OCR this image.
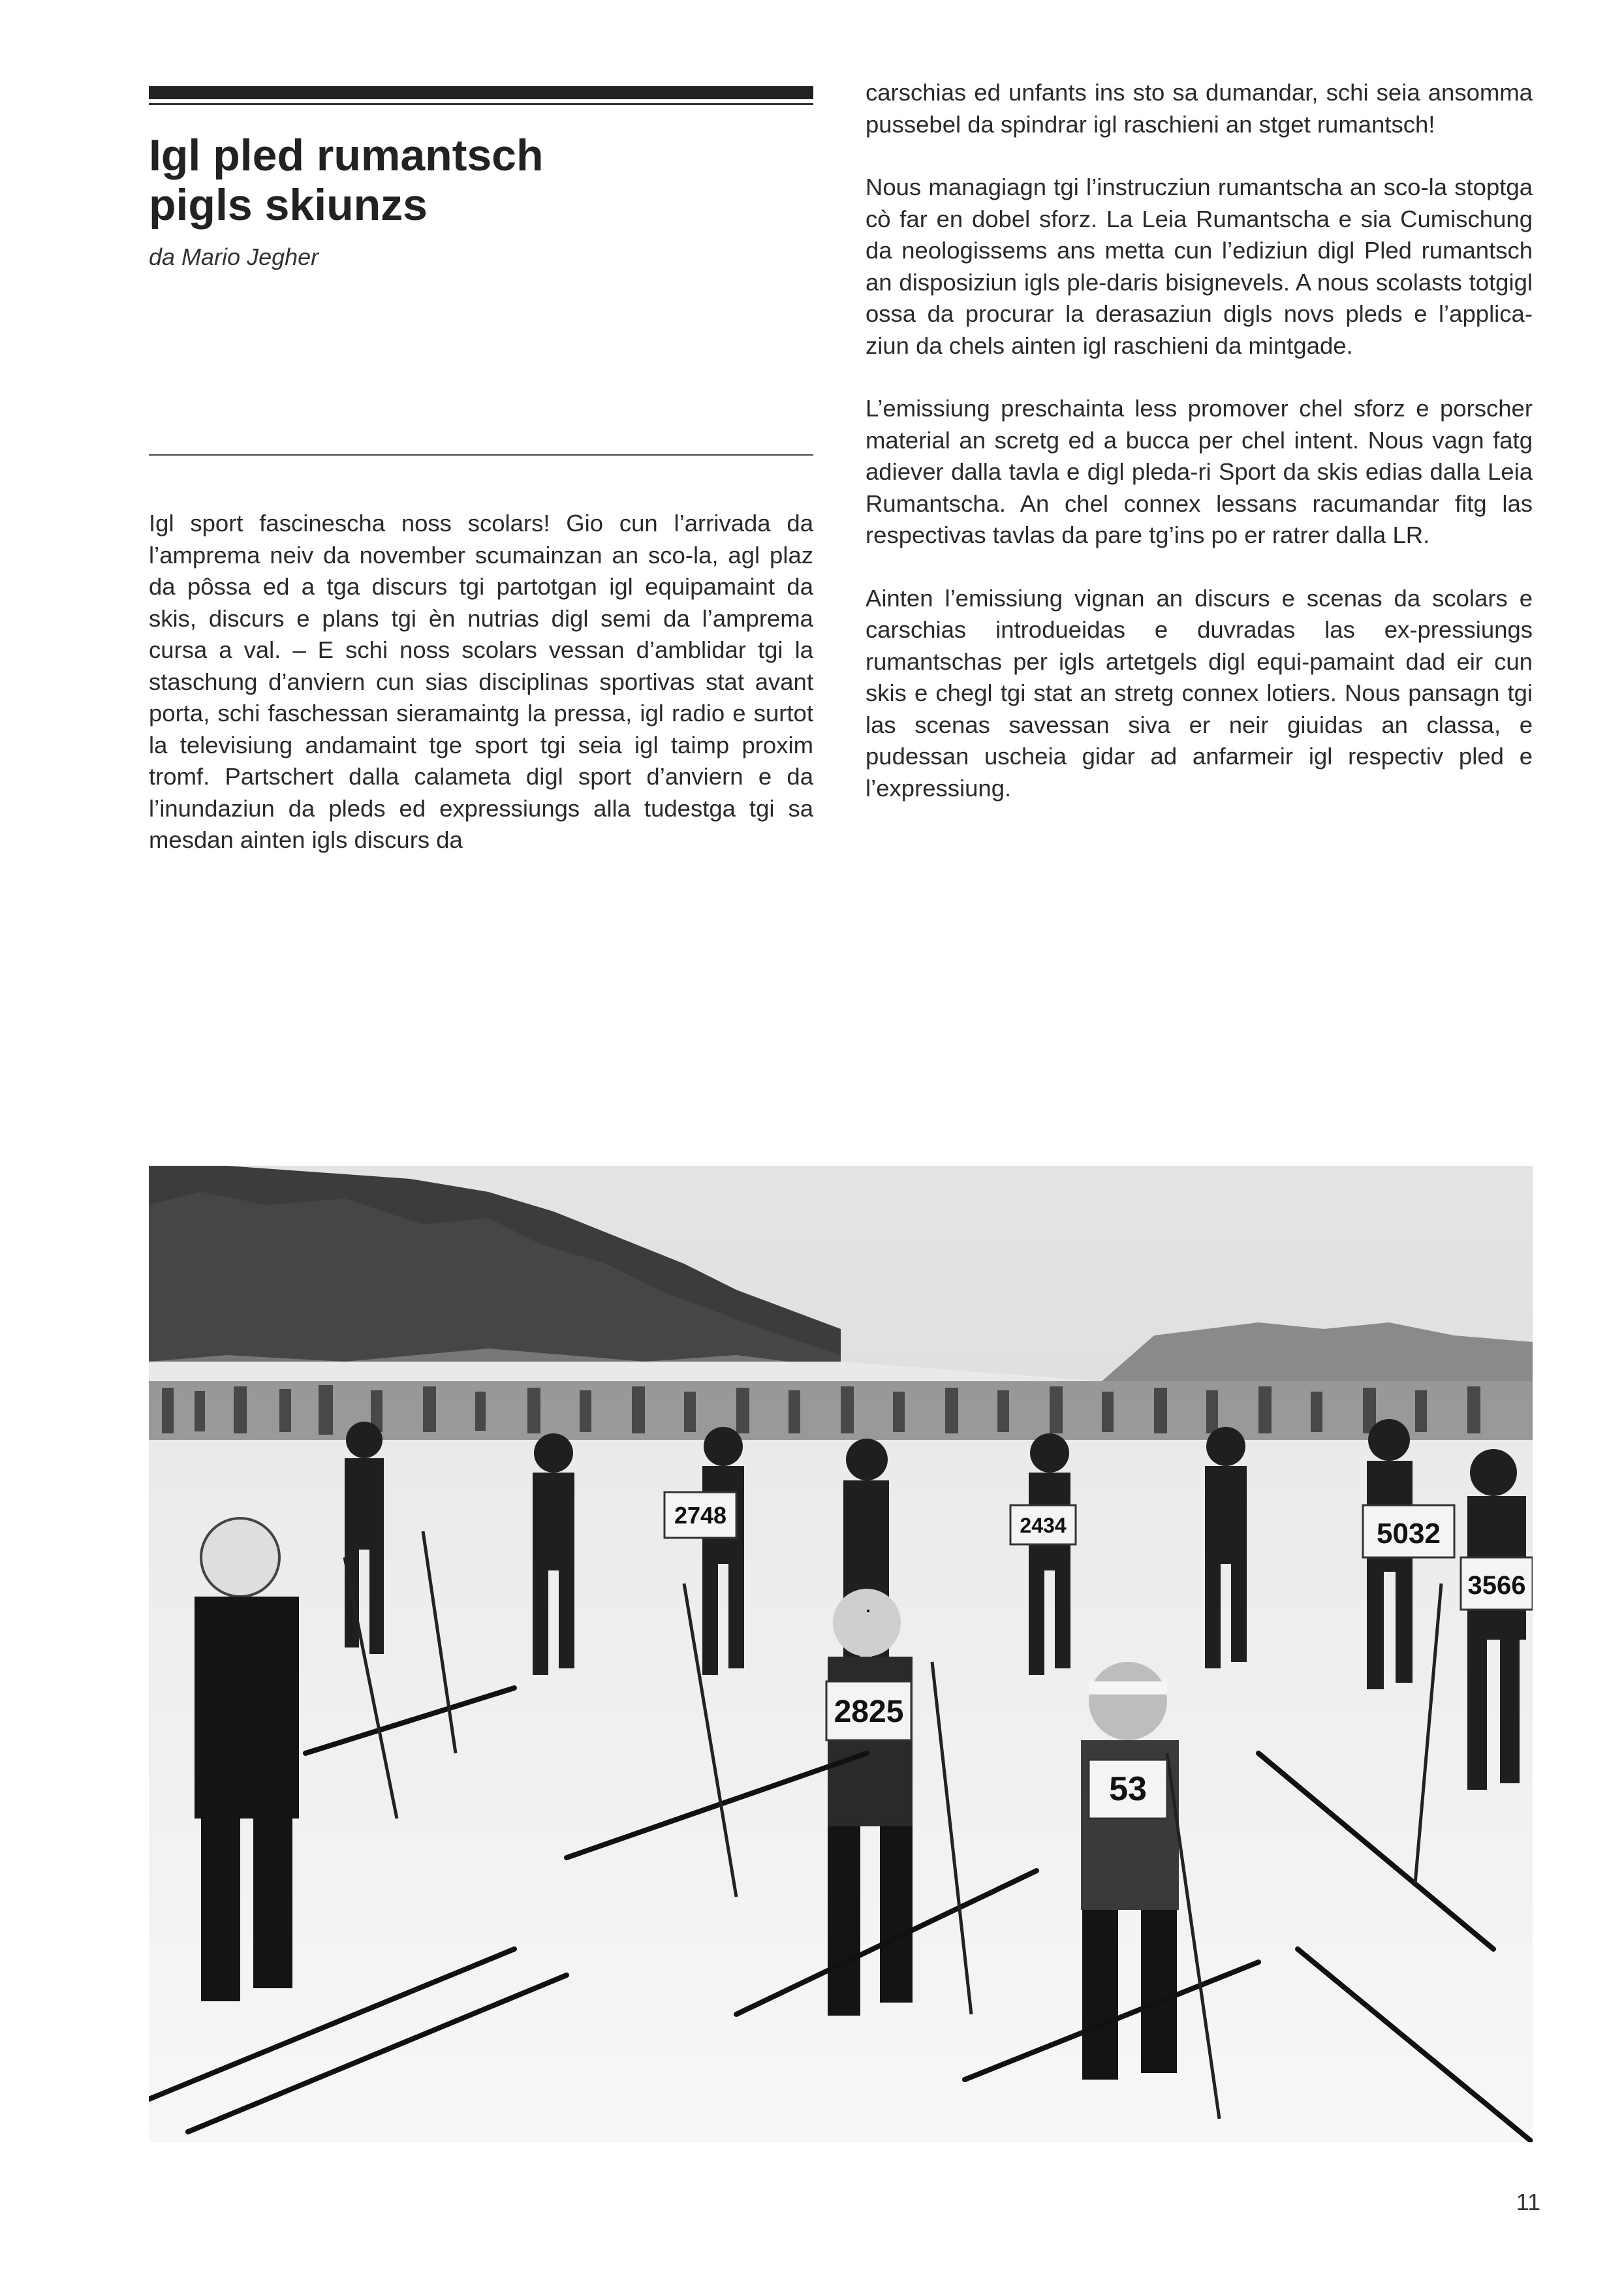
Igl pled rumantsch
pigls skiunzs
da Mario Jegher

Igl sport fascinescha noss scolars! Gio cun l’arrivada da l’amprema neiv da november scumainzan an sco-la, agl plaz da pôssa ed a tga discurs tgi partotgan igl equipamaint da skis, discurs e plans tgi èn nutrias digl semi da l’amprema cursa a val. – E schi noss scolars vessan d’amblidar tgi la staschung d’anviern cun sias disciplinas sportivas stat avant porta, schi faschessan sieramaintg la pressa, igl radio e surtot la televisiung andamaint tge sport tgi seia igl taimp proxim tromf. Partschert dalla calameta digl sport d’anviern e da l’inundaziun da pleds ed expressiungs alla tudestga tgi sa mesdan ainten igls discurs da

carschias ed unfants ins sto sa dumandar, schi seia ansomma pussebel da spindrar igl raschieni an stget rumantsch!

Nous managiagn tgi l’instrucziun rumantscha an sco-la stoptga cò far en dobel sforz. La Leia Rumantscha e sia Cumischung da neologissems ans metta cun l’ediziun digl Pled rumantsch an disposiziun igls ple-daris bisignevels. A nous scolasts totgigl ossa da procurar la derasaziun digls novs pleds e l’applica-ziun da chels ainten igl raschieni da mintgade.

L’emissiung preschainta less promover chel sforz e porscher material an scretg ed a bucca per chel intent. Nous vagn fatg adiever dalla tavla e digl pleda-ri Sport da skis edias dalla Leia Rumantscha. An chel connex lessans racumandar fitg las respectivas tavlas da pare tg’ins po er ratrer dalla LR.

Ainten l’emissiung vignan an discurs e scenas da scolars e carschias introdueidas e duvradas las ex-pressiungs rumantschas per igls artetgels digl equi-pamaint dad eir cun skis e chegl tgi stat an stretg connex lotiers. Nous pansagn tgi las scenas savessan siva er neir giuidas an classa, e pudessan uscheia gidar ad anfarmeir igl respectiv pled e l’expressiung.

2825
5032
2748	2434
3566
53
11
